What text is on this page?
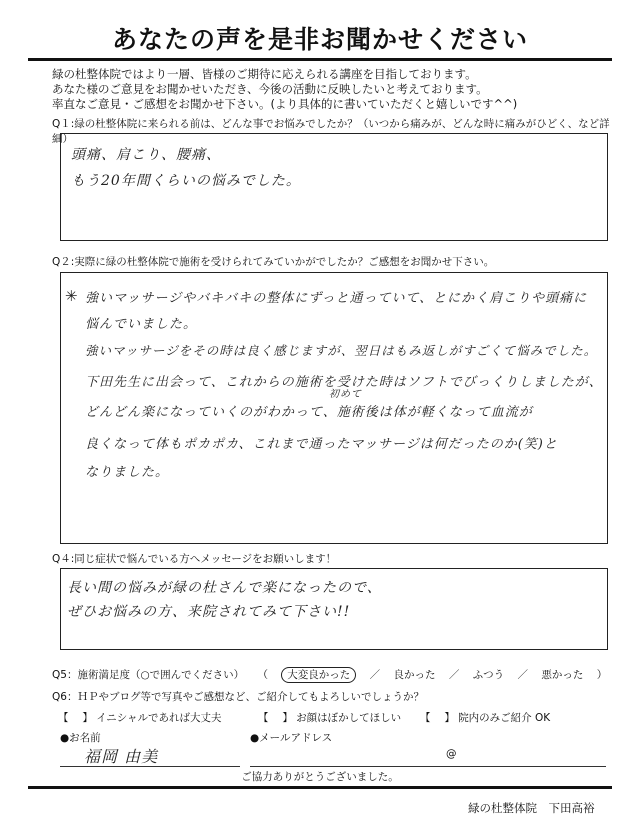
あなたの声を是非お聞かせください
緑の杜整体院ではより一層、皆様のご期待に応えられる講座を目指しております。
あなた様のご意見をお聞かせいただき、今後の活動に反映したいと考えております。
率直なご意見・ご感想をお聞かせ下さい。(より具体的に書いていただくと嬉しいです^^)
Q１:緑の杜整体院に来られる前は、どんな事でお悩みでしたか？（いつから痛みが、どんな時に痛みがひどく、など詳細）
頭痛、肩こり、腰痛、
もう20年間くらいの悩みでした。
Q２:実際に緑の杜整体院で施術を受けられてみていかがでしたか？ご感想をお聞かせ下さい。
✳ 強いマッサージやバキバキの整体にずっと通っていて、とにかく肩こりや頭痛に
悩んでいました。
強いマッサージをその時は良く感じますが、翌日はもみ返しがすごくて悩みでした。
下田先生に出会って、これからの施術を受けた時はソフトでびっくりしましたが、
初めて
どんどん楽になっていくのがわかって、施術後は体が軽くなって血流が
良くなって体もポカポカ、これまで通ったマッサージは何だったのか(笑)と
なりました。
Q４:同じ症状で悩んでいる方へメッセージをお願いします！
長い間の悩みが緑の杜さんで楽になったので、
ぜひお悩みの方、来院されてみて下さい!!
Q5：施術満足度（○で囲んでください） （ 大変良かった ／ 良かった ／ ふつう ／ 悪かった ）
Q6：ＨＰやブログ等で写真やご感想など、ご紹介してもよろしいでしょうか？
【　 】 イニシャルであれば大丈夫	【　 】 お顔はぼかしてほしい 【　 】 院内のみご紹介 OK
●お名前
福岡 由美
●メールアドレス
@
ご協力ありがとうございました。
緑の杜整体院　下田高裕
